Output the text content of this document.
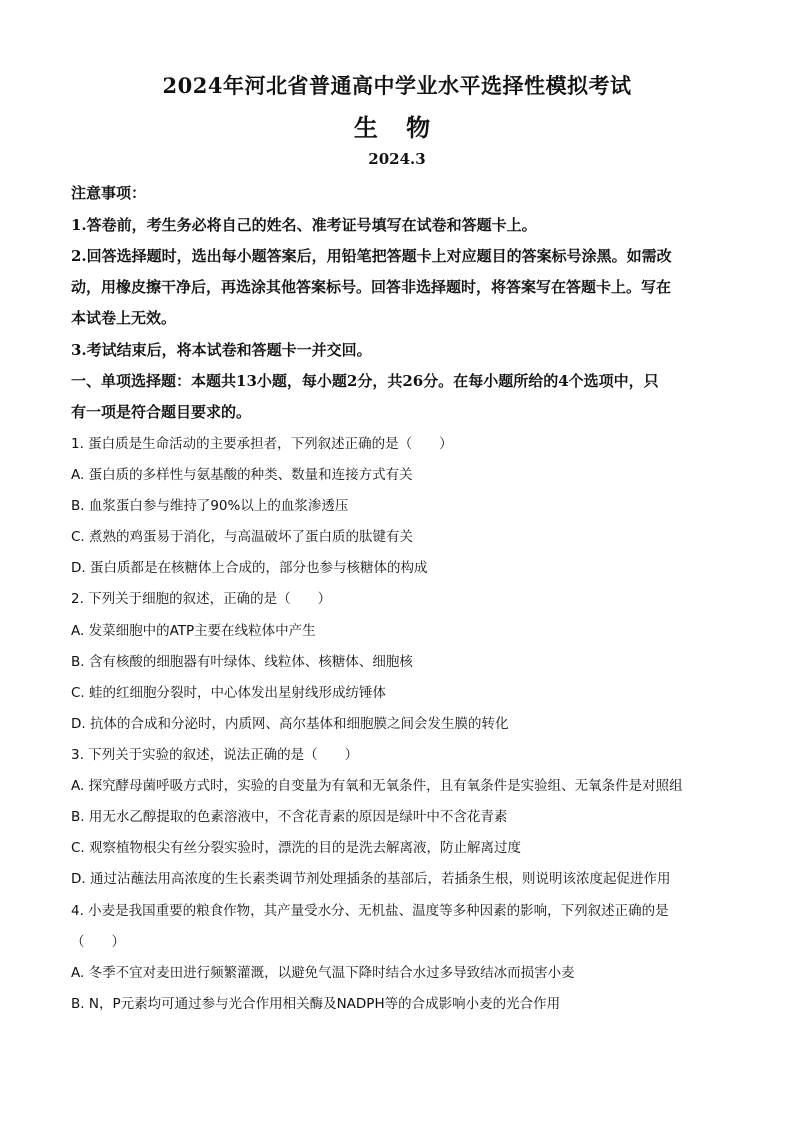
2024年河北省普通高中学业水平选择性模拟考试
生 物
2024.3
注意事项：
1.答卷前，考生务必将自己的姓名、准考证号填写在试卷和答题卡上。
2.回答选择题时，选出每小题答案后，用铅笔把答题卡上对应题目的答案标号涂黑。如需改
动，用橡皮擦干净后，再选涂其他答案标号。回答非选择题时，将答案写在答题卡上。写在
本试卷上无效。
3.考试结束后，将本试卷和答题卡一并交回。
一、单项选择题：本题共13小题，每小题2分，共26分。在每小题所给的4个选项中，只
有一项是符合题目要求的。
1. 蛋白质是生命活动的主要承担者，下列叙述正确的是（　　）
A. 蛋白质的多样性与氨基酸的种类、数量和连接方式有关
B. 血浆蛋白参与维持了90%以上的血浆渗透压
C. 煮熟的鸡蛋易于消化，与高温破坏了蛋白质的肽键有关
D. 蛋白质都是在核糖体上合成的，部分也参与核糖体的构成
2. 下列关于细胞的叙述，正确的是（　　）
A. 发菜细胞中的ATP主要在线粒体中产生
B. 含有核酸的细胞器有叶绿体、线粒体、核糖体、细胞核
C. 蛙的红细胞分裂时，中心体发出星射线形成纺锤体
D. 抗体的合成和分泌时，内质网、高尔基体和细胞膜之间会发生膜的转化
3. 下列关于实验的叙述，说法正确的是（　　）
A. 探究酵母菌呼吸方式时，实验的自变量为有氧和无氧条件，且有氧条件是实验组、无氧条件是对照组
B. 用无水乙醇提取的色素溶液中，不含花青素的原因是绿叶中不含花青素
C. 观察植物根尖有丝分裂实验时，漂洗的目的是洗去解离液，防止解离过度
D. 通过沾蘸法用高浓度的生长素类调节剂处理插条的基部后，若插条生根，则说明该浓度起促进作用
4. 小麦是我国重要的粮食作物，其产量受水分、无机盐、温度等多种因素的影响，下列叙述正确的是
（　　）
A. 冬季不宜对麦田进行频繁灌溉，以避免气温下降时结合水过多导致结冰而损害小麦
B. N，P元素均可通过参与光合作用相关酶及NADPH等的合成影响小麦的光合作用
